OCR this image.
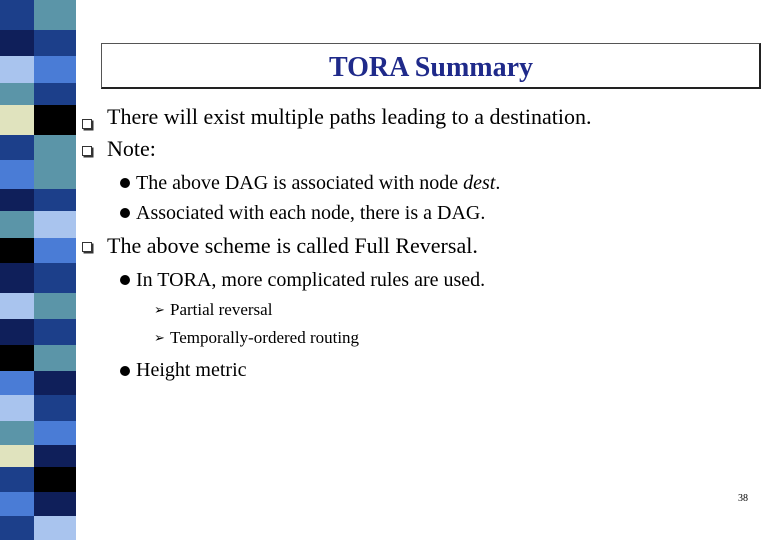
TORA Summary
There will exist multiple paths leading to a destination.
Note:
The above DAG is associated with node dest.
Associated with each node, there is a DAG.
The above scheme is called Full Reversal.
In TORA, more complicated rules are used.
➢ Partial reversal
➢ Temporally-ordered routing
Height metric
38
